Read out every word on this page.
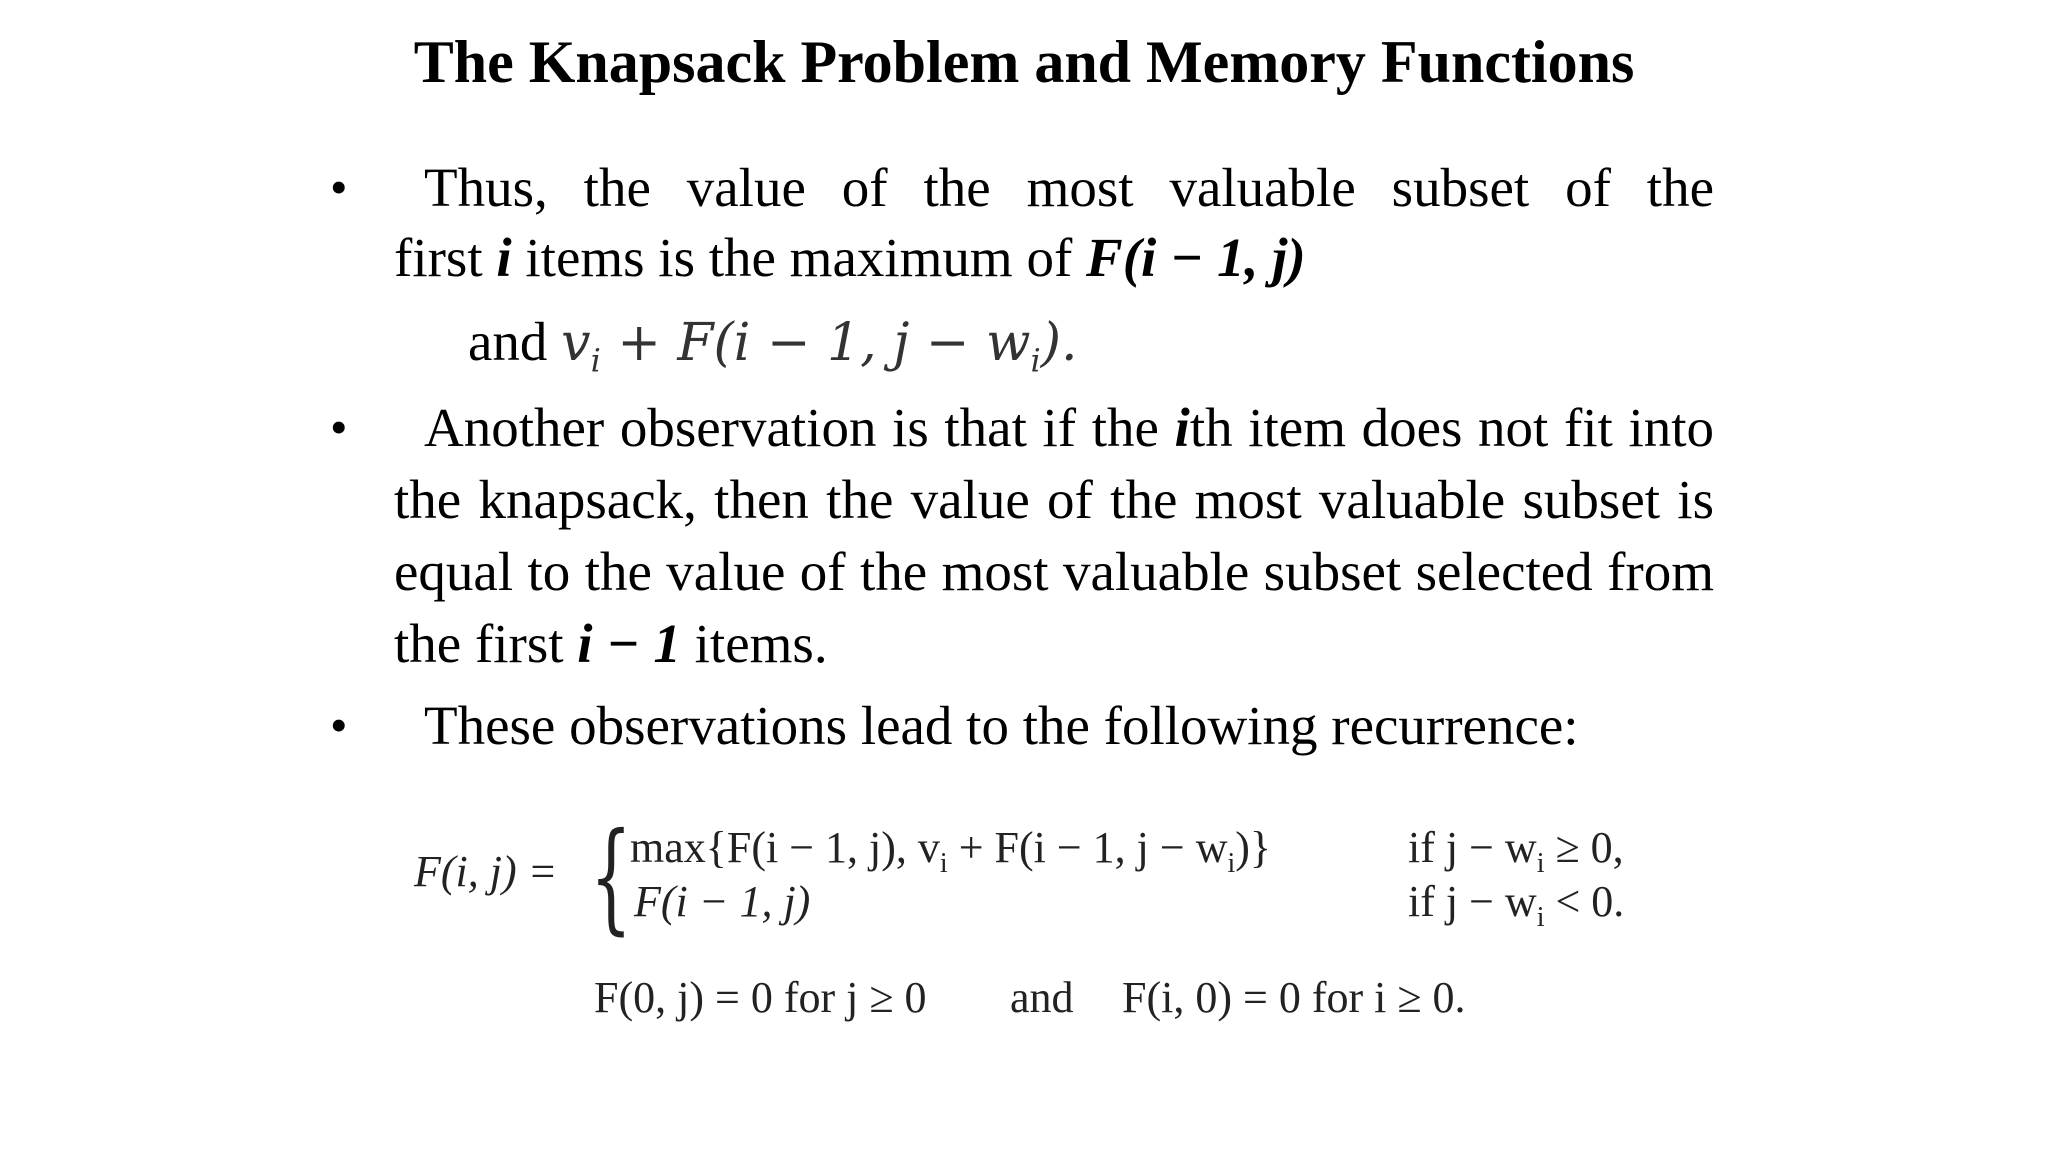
The Knapsack Problem and Memory Functions
•	Thus, the value of the most valuable subset of the
first i items is the maximum of F(i − 1, j)
and $v_i + F(i - 1$, $j - w_i$).
•	Another observation is that if the ith item does not fit into the knapsack, then the value of the most valuable subset is equal to the value of the most valuable subset selected from the first i − 1 items.
• These observations lead to the following recurrence:
F(i, j) = {
max{F(i − 1, j), $v_i + F(i - 1$, $j - w_i$)}	if $j - w_i \ge 0$,
F(i − 1, j)	if $j - w_i < 0$.
F(0, j) = 0 for j ≥ 0 and F(i, 0) = 0 for i ≥ 0.
